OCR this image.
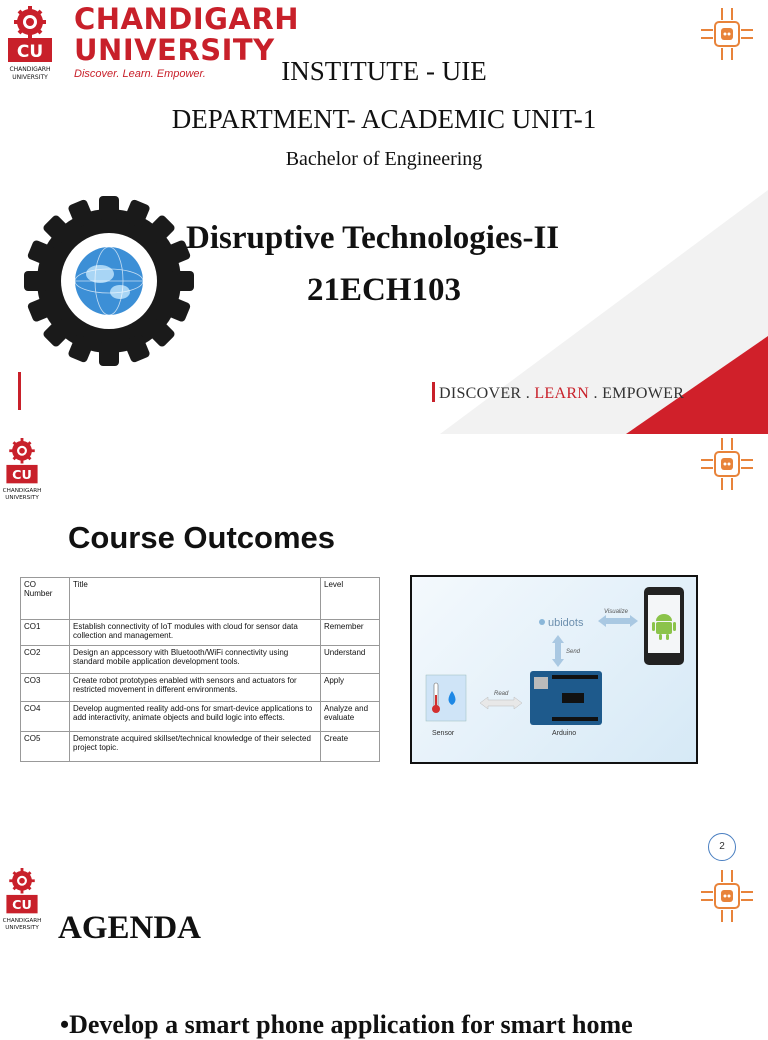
CU
CHANDIGARH
UNIVERSITY
CHANDIGARH
UNIVERSITY
Discover. Learn. Empower.	INSTITUTE - UIE
DEPARTMENT- ACADEMIC UNIT-1
Bachelor of Engineering
Disruptive Technologies-II
21ECH103
DISCOVER . LEARN . EMPOWER
CU
CHANDIGARH
UNIVERSITY
Course Outcomes
CO Number	Title	Level
CO1	Establish connectivity of IoT modules with cloud for sensor data collection and management.	Remember
CO2	Design an appcessory with Bluetooth/WiFi connectivity using standard mobile application development tools.	Understand
CO3	Create robot prototypes enabled with sensors and actuators for restricted movement in different environments.	Apply
CO4	Develop augmented reality add-ons for smart-device applications to add interactivity, animate objects and build logic into effects.	Analyze and evaluate
CO5	Demonstrate acquired skillset/technical knowledge of their selected project topic.	Create
ubidots
Visualize
Send
Arduino
Read
Sensor
2
CU
CHANDIGARH
UNIVERSITY AGENDA
•Develop a smart phone application for smart home
